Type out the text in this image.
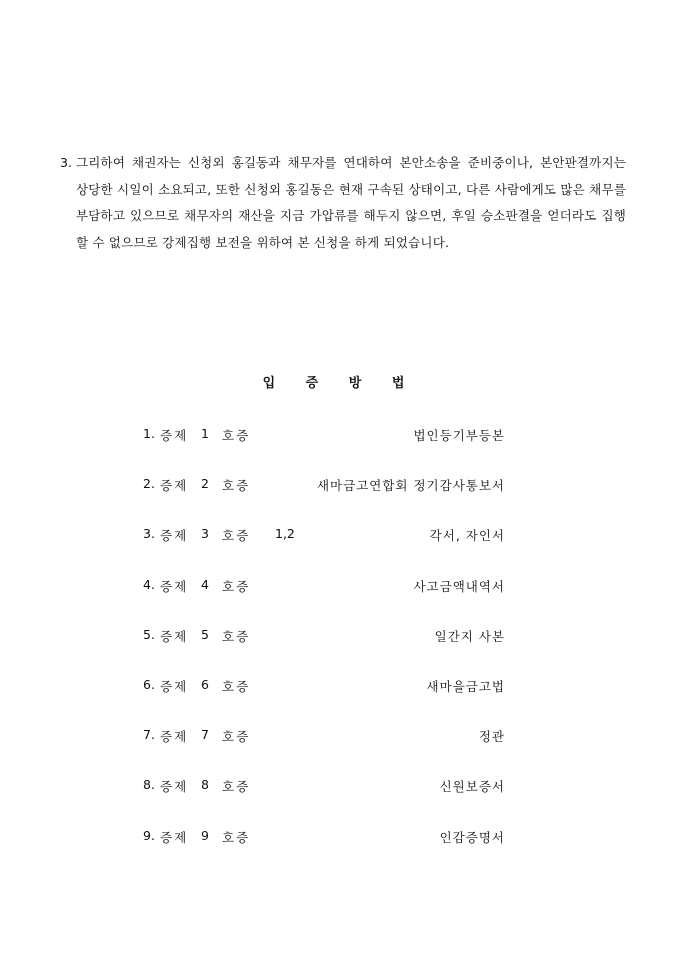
3. 그리하여 채권자는 신청외 홍길동과 채무자를 연대하여 본안소송을 준비중이나, 본안판결까지는 상당한 시일이 소요되고, 또한 신청외 홍길동은 현재 구속된 상태이고, 다른 사람에게도 많은 채무를 부담하고 있으므로 채무자의 재산을 지금 가압류를 해두지 않으면, 후일 승소판결을 얻더라도 집행 할 수 없으므로 강제집행 보전을 위하여 본 신청을 하게 되었습니다.
입 증 방 법
1. 증제 1 호증	법인등기부등본
2. 증제 2 호증	새마금고연합회 정기감사통보서
3. 증제 3 호증 1,2	각서, 자인서
4. 증제 4 호증	사고금액내역서
5. 증제 5 호증	일간지 사본
6. 증제 6 호증	새마을금고법
7. 증제 7 호증	정관
8. 증제 8 호증	신원보증서
9. 증제 9 호증	인감증명서
